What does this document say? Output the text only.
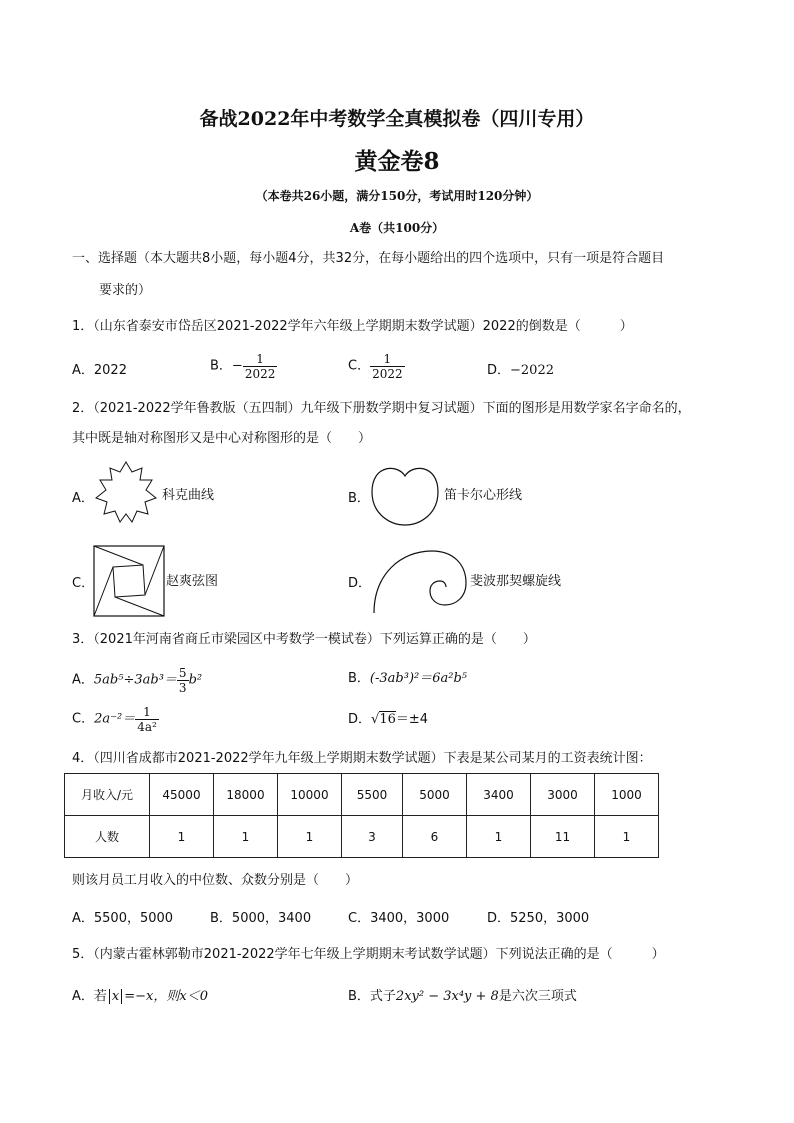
备战2022年中考数学全真模拟卷（四川专用）
黄金卷8
（本卷共26小题，满分150分，考试用时120分钟）
A卷（共100分）
一、选择题（本大题共8小题，每小题4分，共32分，在每小题给出的四个选项中，只有一项是符合题目
要求的）
1．（山东省泰安市岱岳区2021-2022学年六年级上学期期末数学试题）2022的倒数是（　　　）
A．2022	B．− $\frac{1}{2022}$	C． $\frac{1}{2022}$	D．−2022
2．（2021-2022学年鲁教版（五四制）九年级下册数学期中复习试题）下面的图形是用数学家名字命名的，
其中既是轴对称图形又是中心对称图形的是（　　）
A．	科克曲线	B．	笛卡尔心形线
C．	赵爽弦图	D．	斐波那契螺旋线
3．（2021年河南省商丘市梁园区中考数学一模试卷）下列运算正确的是（　　）
A．$5ab^5\div 3ab^3= \frac{5}{3} b^2$	B．(-3ab³)²＝6a²b⁵
C．$2a^{-2}= \frac{1}{\text{4a²}}$	D．√16＝±4
4．（四川省成都市2021-2022学年九年级上学期期末数学试题）下表是某公司某月的工资表统计图：
月收入/元	45000	18000	10000	5500	5000	3400	3000	1000
人数	1	1	1	3	6	1	11	1
则该月员工月收入的中位数、众数分别是（　　）
A．5500，5000	B．5000，3400	C．3400，3000	D．5250，3000
5．（内蒙古霍林郭勒市2021-2022学年七年级上学期期末考试数学试题）下列说法正确的是（　　　）
A．若 x =−x，则x＜0	B．式子2xy² − 3x⁴y + 8是六次三项式
